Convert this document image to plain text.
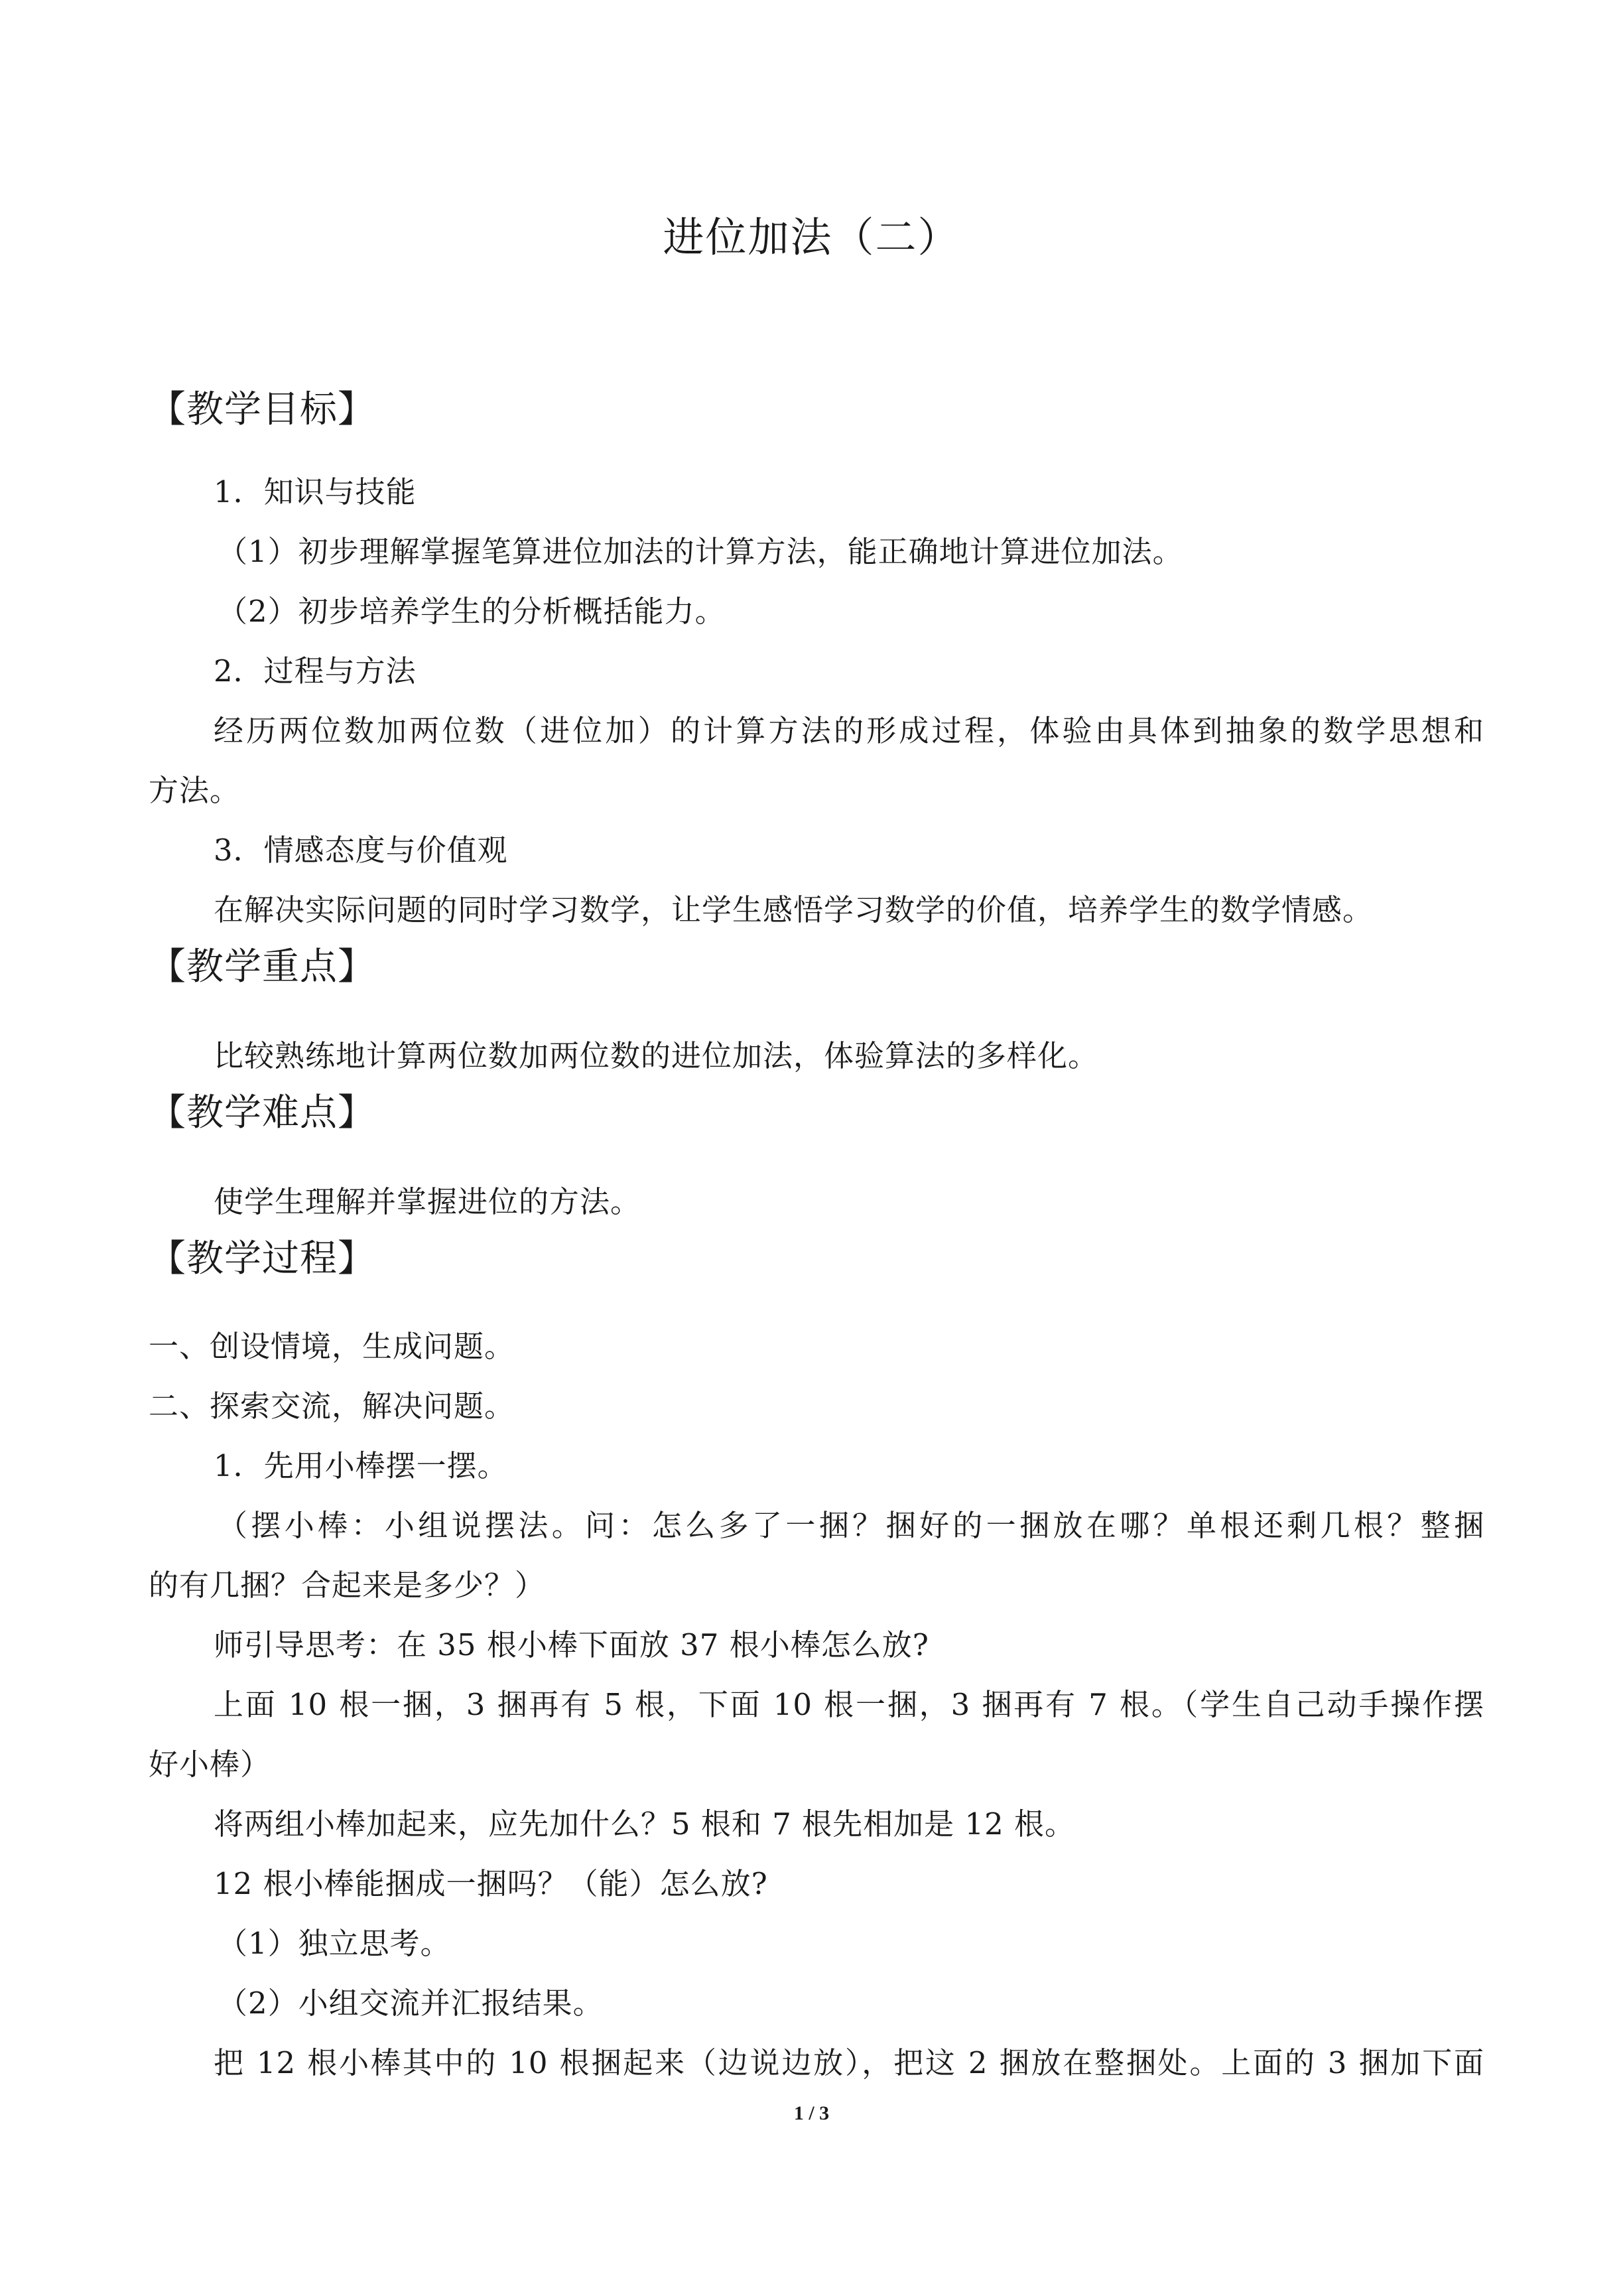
进位加法（二）
【教学目标】
1．知识与技能
（1）初步理解掌握笔算进位加法的计算方法，能正确地计算进位加法。
（2）初步培养学生的分析概括能力。
2．过程与方法
经历两位数加两位数（进位加）的计算方法的形成过程，体验由具体到抽象的数学思想和
方法。
3．情感态度与价值观
在解决实际问题的同时学习数学，让学生感悟学习数学的价值，培养学生的数学情感。
【教学重点】
比较熟练地计算两位数加两位数的进位加法，体验算法的多样化。
【教学难点】
使学生理解并掌握进位的方法。
【教学过程】
一、创设情境，生成问题。
二、探索交流，解决问题。
1．先用小棒摆一摆。
（摆小棒：小组说摆法。问：怎么多了一捆？捆好的一捆放在哪？单根还剩几根？整捆
的有几捆？合起来是多少？）
师引导思考：在 35 根小棒下面放 37 根小棒怎么放?
上面 10 根一捆，3 捆再有 5 根，下面 10 根一捆，3 捆再有 7 根。（学生自己动手操作摆
好小棒）
将两组小棒加起来，应先加什么？5 根和 7 根先相加是 12 根。
12 根小棒能捆成一捆吗？（能）怎么放?
（1）独立思考。
（2）小组交流并汇报结果。
把 12 根小棒其中的 10 根捆起来（边说边放），把这 2 捆放在整捆处。上面的 3 捆加下面
1 / 3
